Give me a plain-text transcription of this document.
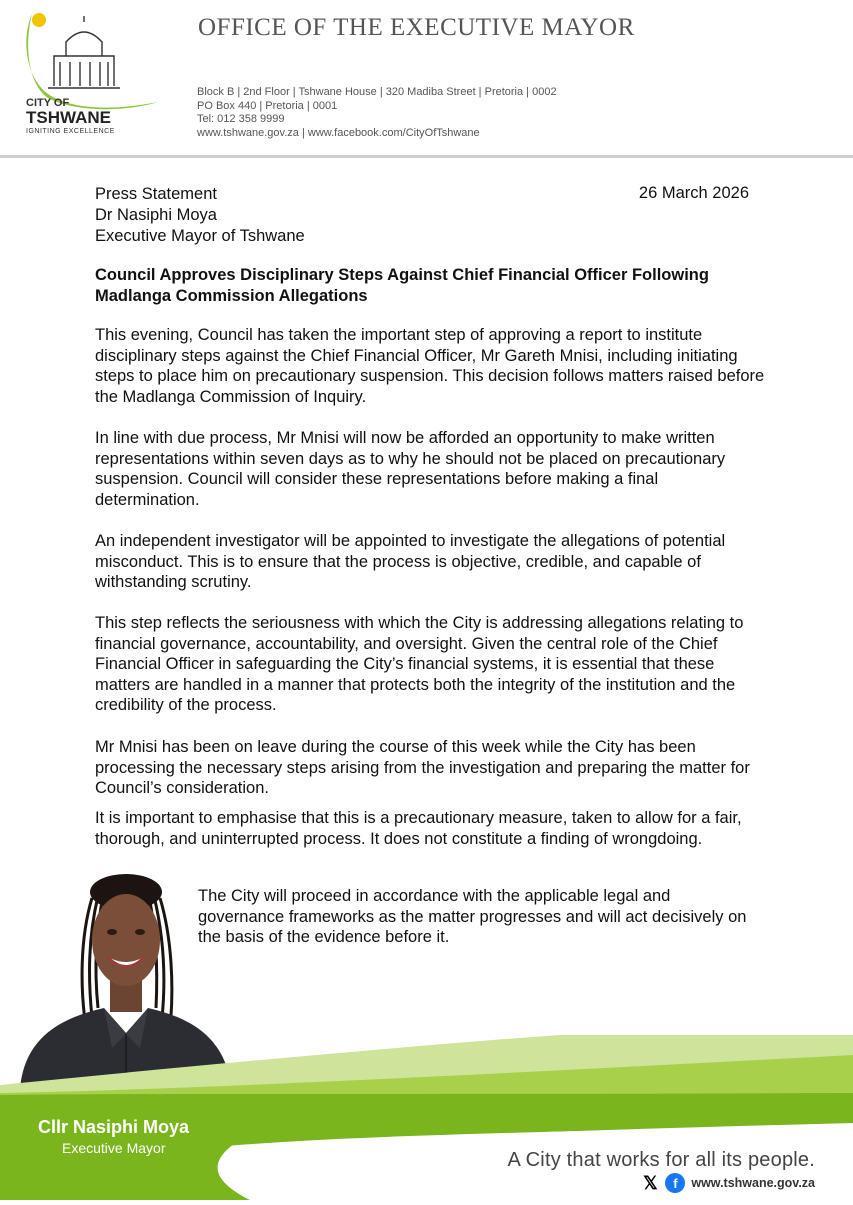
CITY OF
TSHWANE
IGNITING EXCELLENCE
OFFICE OF THE EXECUTIVE MAYOR
Block B | 2nd Floor | Tshwane House | 320 Madiba Street | Pretoria | 0002
PO Box 440 | Pretoria | 0001
Tel: 012 358 9999
www.tshwane.gov.za | www.facebook.com/CityOfTshwane
Press Statement
Dr Nasiphi Moya
Executive Mayor of Tshwane
26 March 2026
Council Approves Disciplinary Steps Against Chief Financial Officer Following Madlanga Commission Allegations

This evening, Council has taken the important step of approving a report to institute disciplinary steps against the Chief Financial Officer, Mr Gareth Mnisi, including initiating steps to place him on precautionary suspension. This decision follows matters raised before the Madlanga Commission of Inquiry.

In line with due process, Mr Mnisi will now be afforded an opportunity to make written representations within seven days as to why he should not be placed on precautionary suspension. Council will consider these representations before making a final determination.

An independent investigator will be appointed to investigate the allegations of potential misconduct. This is to ensure that the process is objective, credible, and capable of withstanding scrutiny.

This step reflects the seriousness with which the City is addressing allegations relating to financial governance, accountability, and oversight. Given the central role of the Chief Financial Officer in safeguarding the City’s financial systems, it is essential that these matters are handled in a manner that protects both the integrity of the institution and the credibility of the process.

Mr Mnisi has been on leave during the course of this week while the City has been processing the necessary steps arising from the investigation and preparing the matter for Council’s consideration.

It is important to emphasise that this is a precautionary measure, taken to allow for a fair, thorough, and uninterrupted process. It does not constitute a finding of wrongdoing.

The City will proceed in accordance with the applicable legal and governance frameworks as the matter progresses and will act decisively on the basis of the evidence before it.

Cllr Nasiphi Moya
Executive Mayor
A City that works for all its people.
𝕏	f	www.tshwane.gov.za
